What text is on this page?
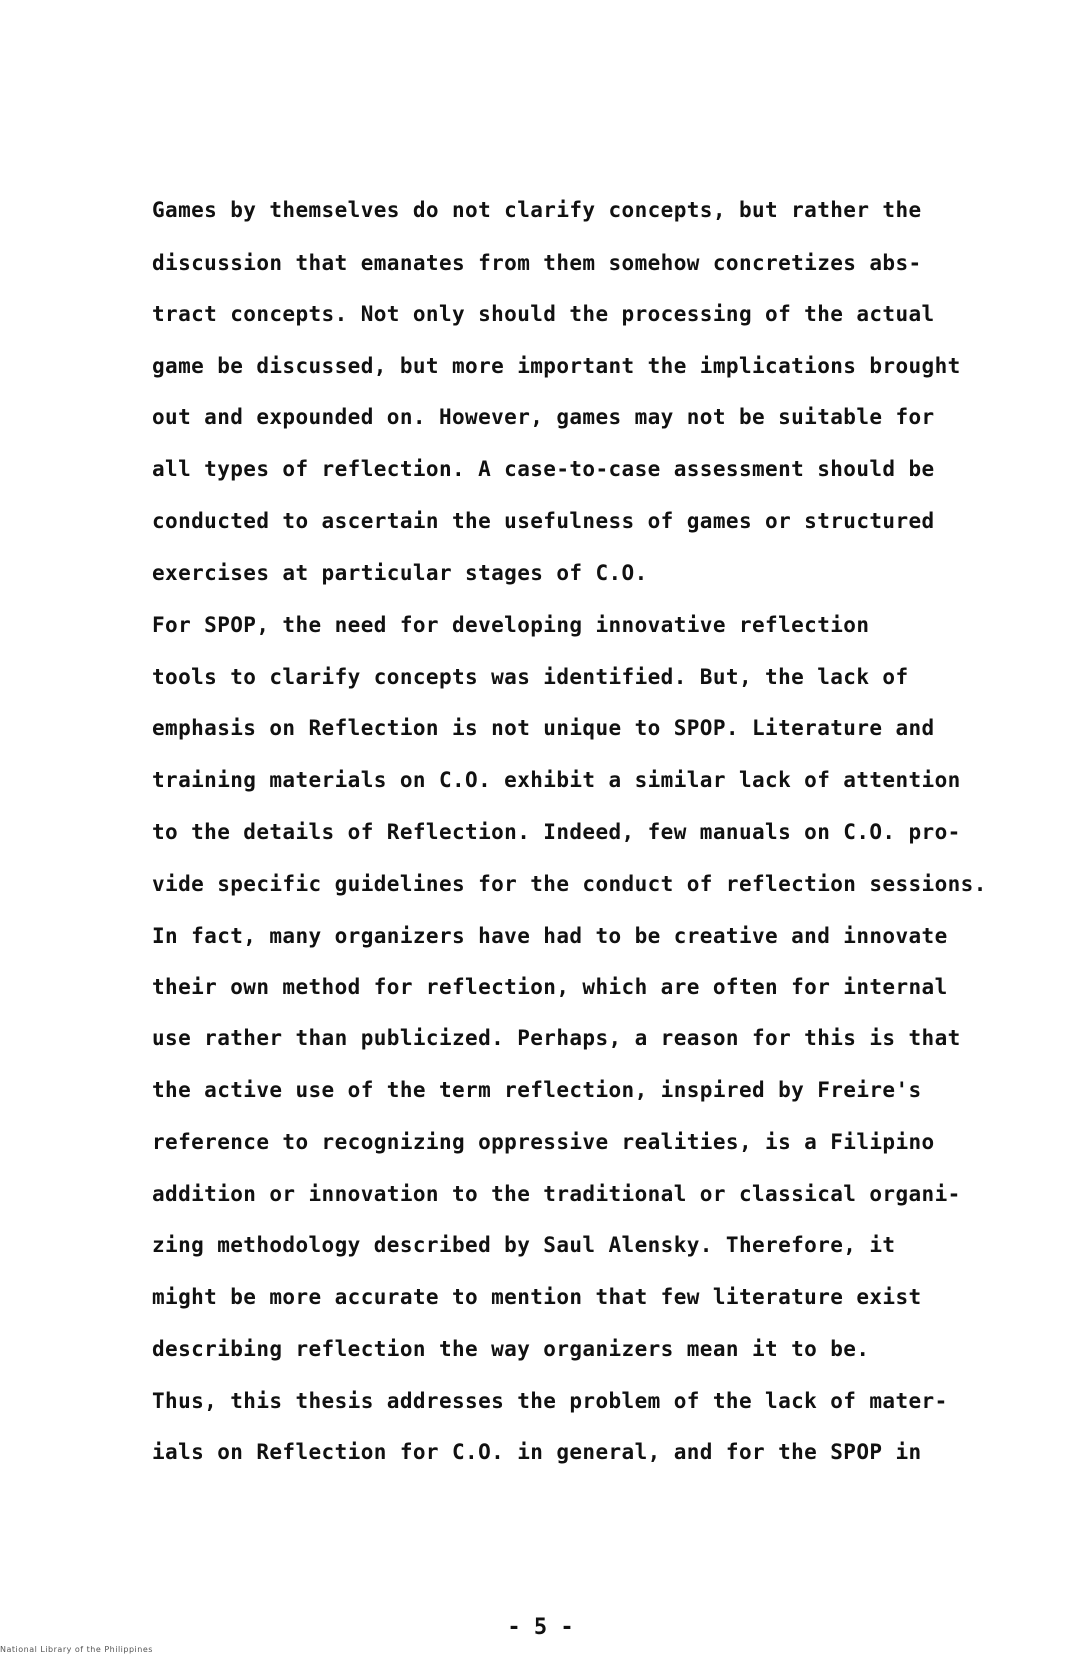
Games by themselves do not clarify concepts, but rather the
discussion that emanates from them somehow concretizes abs-
tract concepts. Not only should the processing of the actual
game be discussed, but more important the implications brought
out and expounded on. However, games may not be suitable for
all types of reflection. A case-to-case assessment should be
conducted to ascertain the usefulness of games or structured
exercises at particular stages of C.O.
For SPOP, the need for developing innovative reflection
tools to clarify concepts was identified. But, the lack of
emphasis on Reflection is not unique to SPOP. Literature and
training materials on C.O. exhibit a similar lack of attention
to the details of Reflection. Indeed, few manuals on C.O. pro-
vide specific guidelines for the conduct of reflection sessions.
In fact, many organizers have had to be creative and innovate
their own method for reflection, which are often for internal
use rather than publicized. Perhaps, a reason for this is that
the active use of the term reflection, inspired by Freire's
reference to recognizing oppressive realities, is a Filipino
addition or innovation to the traditional or classical organi-
zing methodology described by Saul Alensky. Therefore, it
might be more accurate to mention that few literature exist
describing reflection the way organizers mean it to be.
Thus, this thesis addresses the problem of the lack of mater-
ials on Reflection for C.O. in general, and for the SPOP in
- 5 -
National Library of the Philippines
